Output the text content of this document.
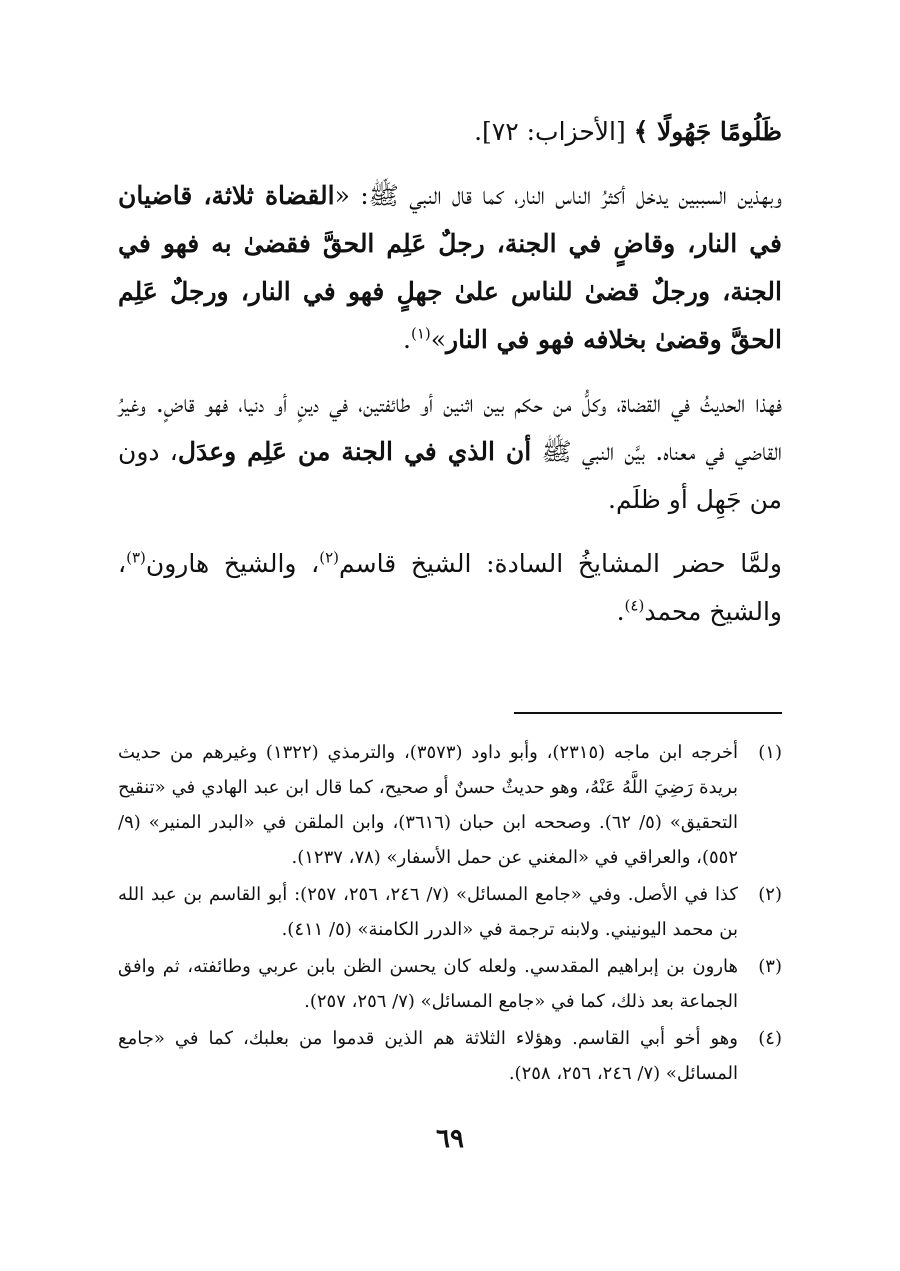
ظَلُومًا جَهُولًا ﴾ [الأحزاب: ٧٢].

وبهذين السببين يدخل أكثرُ الناس النار، كما قال النبي ﷺ: «القضاة ثلاثة، قاضيان في النار، وقاضٍ في الجنة، رجلٌ عَلِم الحقَّ فقضىٰ به فهو في الجنة، ورجلٌ قضىٰ للناس علىٰ جهلٍ فهو في النار، ورجلٌ عَلِم الحقَّ وقضىٰ بخلافه فهو في النار»$^{(١)}$.

فهذا الحديثُ في القضاة، وكلُّ من حكم بين اثنين أو طائفتين، في دينٍ أو دنيا، فهو قاضٍ. وغيرُ القاضي في معناه. بيَّن النبي ﷺ أن الذي في الجنة من عَلِم وعدَل، دون من جَهِل أو ظلَم.

ولمَّا حضر المشايخُ السادة: الشيخ قاسم$^{(٢)}$، والشيخ هارون$^{(٣)}$، والشيخ محمد$^{(٤)}$.

(١)
أخرجه ابن ماجه (٢٣١٥)، وأبو داود (٣٥٧٣)، والترمذي (١٣٢٢) وغيرهم من حديث بريدة رَضِيَ اللَّهُ عَنْهُ، وهو حديثٌ حسنٌ أو صحيح، كما قال ابن عبد الهادي في «تنقيح التحقيق» (٥/ ٦٢). وصححه ابن حبان (٣٦١٦)، وابن الملقن في «البدر المنير» (٩/ ٥٥٢)، والعراقي في «المغني عن حمل الأسفار» (٧٨، ١٢٣٧).
(٢)
كذا في الأصل. وفي «جامع المسائل» (٧/ ٢٤٦، ٢٥٦، ٢٥٧): أبو القاسم بن عبد الله بن محمد اليونيني. ولابنه ترجمة في «الدرر الكامنة» (٥/ ٤١١).
(٣)
هارون بن إبراهيم المقدسي. ولعله كان يحسن الظن بابن عربي وطائفته، ثم وافق الجماعة بعد ذلك، كما في «جامع المسائل» (٧/ ٢٥٦، ٢٥٧).
(٤)
وهو أخو أبي القاسم. وهؤلاء الثلاثة هم الذين قدموا من بعلبك، كما في «جامع المسائل» (٧/ ٢٤٦، ٢٥٦، ٢٥٨).
٦٩
